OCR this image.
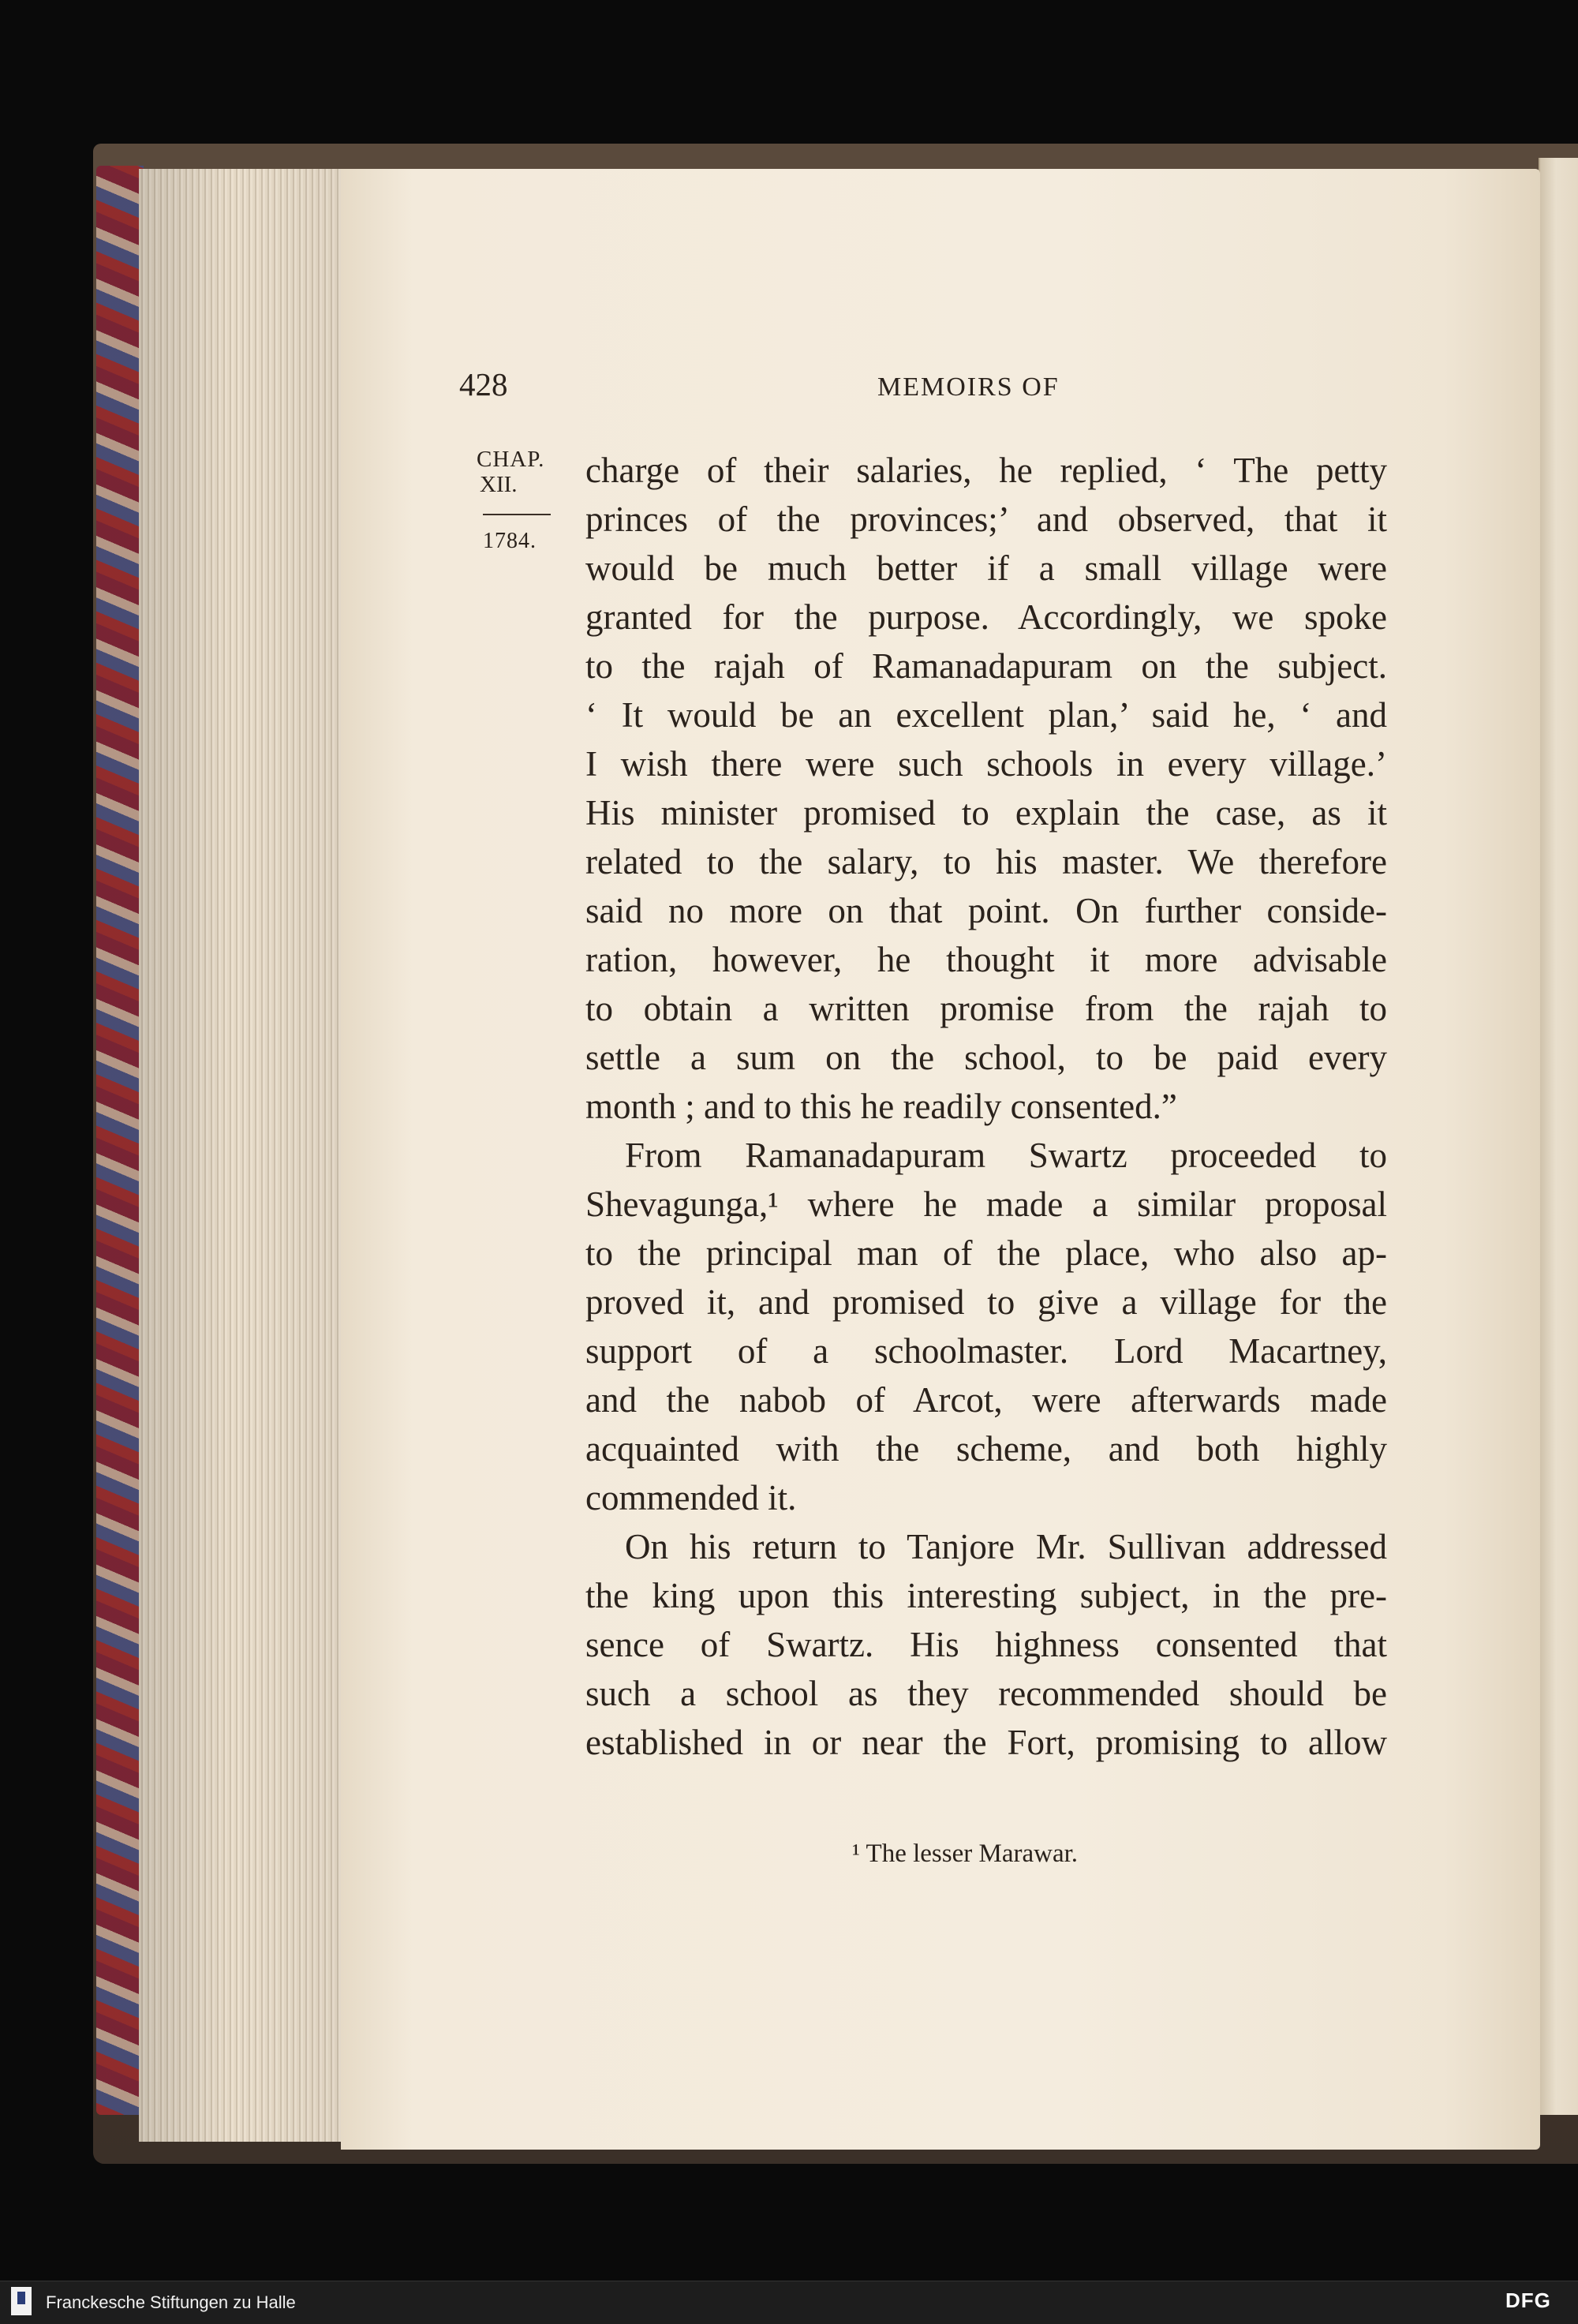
428	MEMOIRS OF
CHAP.
XII.
1784.
charge of their salaries, he replied, ‘ The petty
princes of the provinces;’ and observed, that it
would be much better if a small village were
granted for the purpose. Accordingly, we spoke
to the rajah of Ramanadapuram on the subject.
‘ It would be an excellent plan,’ said he, ‘ and
I wish there were such schools in every village.’
His minister promised to explain the case, as it
related to the salary, to his master. We therefore
said no more on that point. On further conside-
ration, however, he thought it more advisable
to obtain a written promise from the rajah to
settle a sum on the school, to be paid every
month ; and to this he readily consented.”
From Ramanadapuram Swartz proceeded to
Shevagunga,¹ where he made a similar proposal
to the principal man of the place, who also ap-
proved it, and promised to give a village for the
support of a schoolmaster. Lord Macartney,
and the nabob of Arcot, were afterwards made
acquainted with the scheme, and both highly
commended it.
On his return to Tanjore Mr. Sullivan addressed
the king upon this interesting subject, in the pre-
sence of Swartz. His highness consented that
such a school as they recommended should be
established in or near the Fort, promising to allow
¹ The lesser Marawar.
Franckesche Stiftungen zu Halle	DFG
